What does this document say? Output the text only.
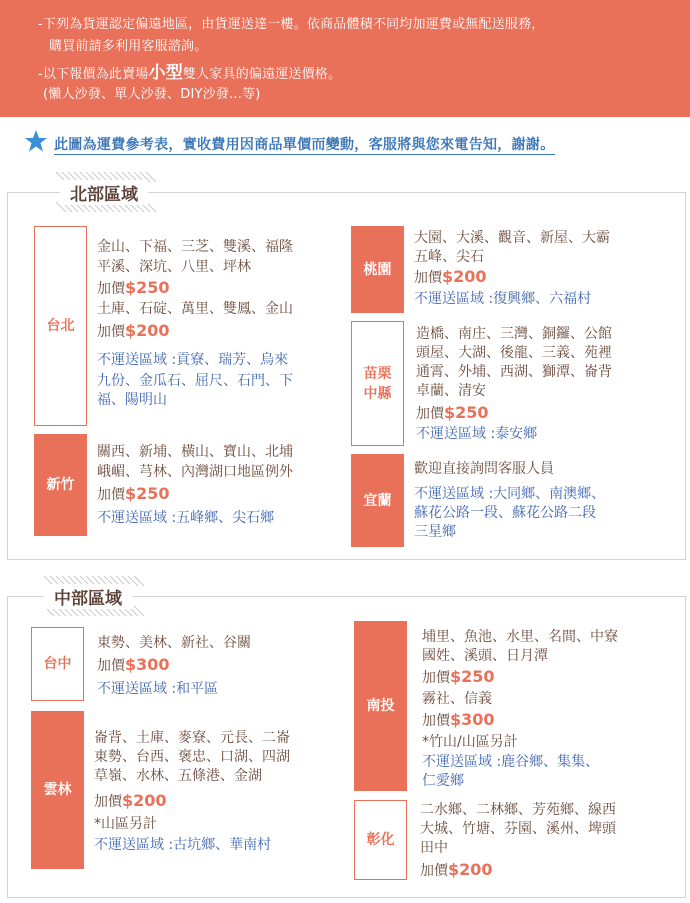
-下列為貨運認定偏遠地區，由貨運送達一樓。依商品體積不同均加運費或無配送服務，
購買前請多利用客服諮詢。
-以下報價為此賣場小型雙人家具的偏遠運送價格。
(懶人沙發、單人沙發、DIY沙發...等)
此圖為運費參考表，實收費用因商品單價而變動，客服將與您來電告知，謝謝。
北部區域
台北
金山、下福、三芝、雙溪、福隆
平溪、深坑、八里、坪林
加價$250
土庫、石碇、萬里、雙鳳、金山
加價$200
不運送區域 :貢寮、瑞芳、烏來
九份、金瓜石、屈尺、石門、下
福、陽明山
新竹
關西、新埔、橫山、寶山、北埔
峨嵋、芎林、內灣湖口地區例外
加價$250
不運送區域 :五峰鄉、尖石鄉
桃園
大園、大溪、觀音、新屋、大霸
五峰、尖石
加價$200
不運送區域 :復興鄉、六福村
苗栗
中縣
造橋、南庄、三灣、銅鑼、公館
頭屋、大湖、後龍、三義、苑裡
通霄、外埔、西湖、獅潭、崙背
卓蘭、清安
加價$250
不運送區域 :泰安鄉
宜蘭
歡迎直接詢問客服人員
不運送區域 :大同鄉、南澳鄉、
蘇花公路一段、蘇花公路二段
三星鄉
中部區域
台中
東勢、美林、新社、谷關
加價$300
不運送區域 :和平區
雲林
崙背、土庫、麥寮、元長、二崙
東勢、台西、褒忠、口湖、四湖
草嶺、水林、五條港、金湖
加價$200
*山區另計
不運送區域 :古坑鄉、華南村
南投
埔里、魚池、水里、名間、中寮
國姓、溪頭、日月潭
加價$250
霧社、信義
加價$300
*竹山/山區另計
不運送區域 :鹿谷鄉、集集、
仁愛鄉
彰化
二水鄉、二林鄉、芳苑鄉、線西
大城、竹塘、芬園、溪州、埤頭
田中
加價$200
